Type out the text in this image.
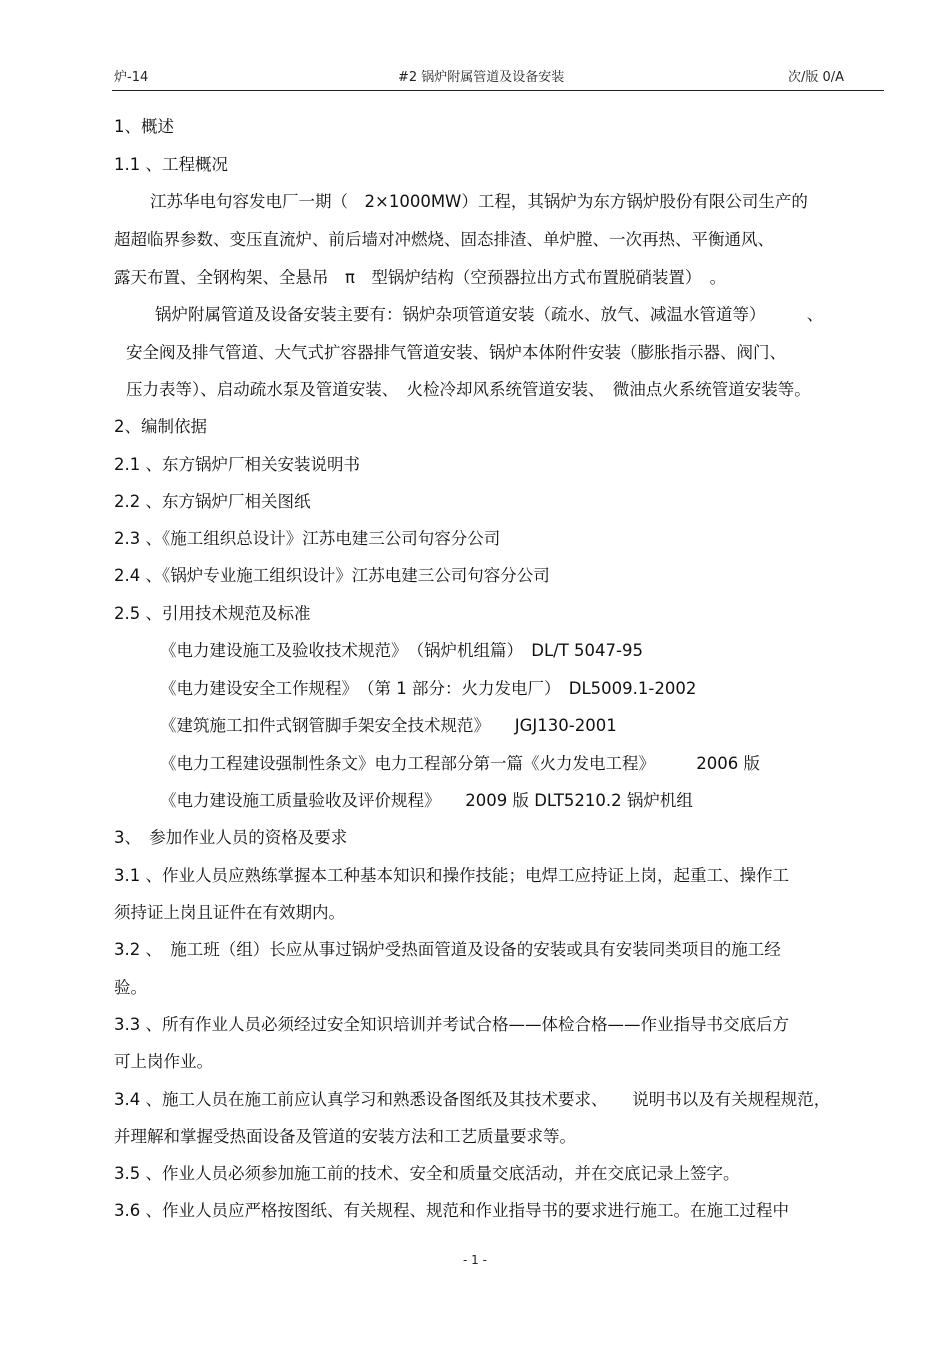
炉-14	#2 锅炉附属管道及设备安装	次/版 0/A
1、概述
1.1 、工程概况
江苏华电句容发电厂一期（　2×1000MW）工程，其锅炉为东方锅炉股份有限公司生产的
超超临界参数、变压直流炉、前后墙对冲燃烧、固态排渣、单炉膛、一次再热、平衡通风、
露天布置、全钢构架、全悬吊　π　型锅炉结构（空预器拉出方式布置脱硝装置）　。
锅炉附属管道及设备安装主要有：锅炉杂项管道安装（疏水、放气、减温水管道等）　　　、
安全阀及排气管道、大气式扩容器排气管道安装、锅炉本体附件安装（膨胀指示器、阀门、
压力表等）、启动疏水泵及管道安装、　火检冷却风系统管道安装、　微油点火系统管道安装等。
2、编制依据
2.1 、东方锅炉厂相关安装说明书
2.2 、东方锅炉厂相关图纸
2.3 、《施工组织总设计》江苏电建三公司句容分公司
2.4 、《锅炉专业施工组织设计》江苏电建三公司句容分公司
2.5 、引用技术规范及标准
《电力建设施工及验收技术规范》　（锅炉机组篇）　DL/T 5047-95
《电力建设安全工作规程》　（第 1 部分：火力发电厂）　DL5009.1-2002
《建筑施工扣件式钢管脚手架安全技术规范》　　JGJ130-2001
《电力工程建设强制性条文》电力工程部分第一篇《火力发电工程》　　　2006 版
《电力建设施工质量验收及评价规程》　　2009 版 DLT5210.2 锅炉机组
3、　参加作业人员的资格及要求
3.1 、作业人员应熟练掌握本工种基本知识和操作技能；电焊工应持证上岗，起重工、操作工
须持证上岗且证件在有效期内。
3.2 、　施工班（组）长应从事过锅炉受热面管道及设备的安装或具有安装同类项目的施工经
验。
3.3 、所有作业人员必须经过安全知识培训并考试合格——体检合格——作业指导书交底后方
可上岗作业。
3.4 、施工人员在施工前应认真学习和熟悉设备图纸及其技术要求、　　说明书以及有关规程规范，
并理解和掌握受热面设备及管道的安装方法和工艺质量要求等。
3.5 、作业人员必须参加施工前的技术、安全和质量交底活动，并在交底记录上签字。
3.6 、作业人员应严格按图纸、有关规程、规范和作业指导书的要求进行施工。在施工过程中
- 1 -
